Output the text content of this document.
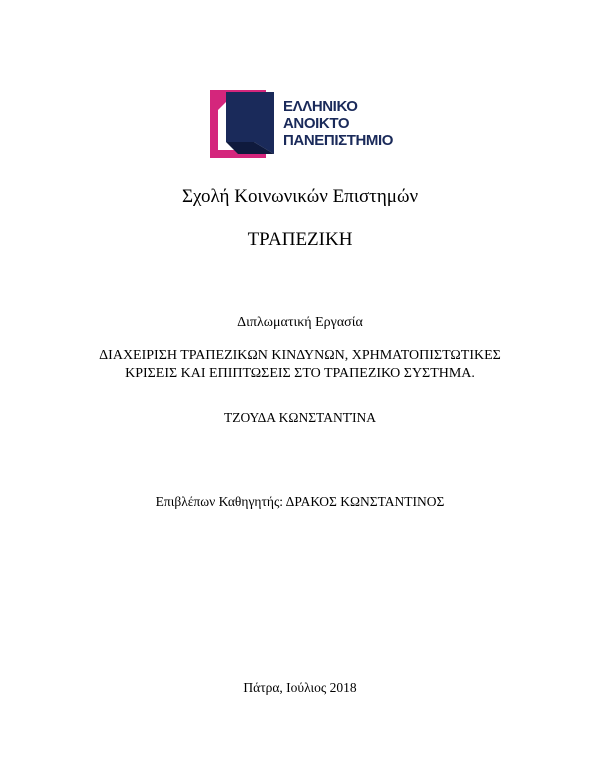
ΕΛΛΗΝΙΚΟ
ΑΝΟΙΚΤΟ
ΠΑΝΕΠΙΣΤΗΜΙΟ
Σχολή Κοινωνικών Επιστημών
ΤΡΑΠΕΖΙΚΗ
Διπλωματική Εργασία
ΔΙΑΧΕΙΡΙΣΗ ΤΡΑΠΕΖΙΚΩΝ ΚΙΝΔΥΝΩΝ, ΧΡΗΜΑΤΟΠΙΣΤΩΤΙΚΕΣ
ΚΡΙΣΕΙΣ ΚΑΙ ΕΠΙΠΤΩΣΕΙΣ ΣΤΟ ΤΡΑΠΕΖΙΚΟ ΣΥΣΤΗΜΑ.
ΤΖΟΥΔΑ ΚΩΝΣΤΑΝΤΊΝΑ
Επιβλέπων Καθηγητής: ΔΡΑΚΟΣ ΚΩΝΣΤΑΝΤΙΝΟΣ
Πάτρα, Ιούλιος 2018
